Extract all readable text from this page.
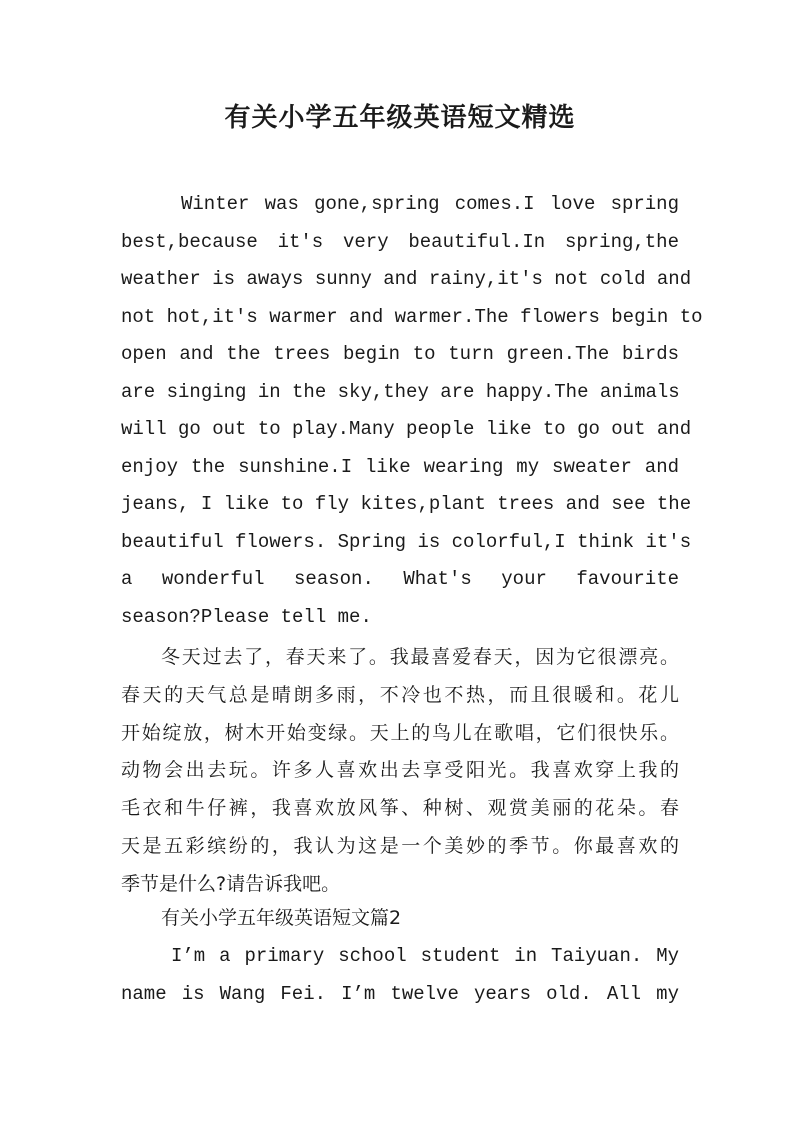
有关小学五年级英语短文精选
Winter was gone,spring comes.I love spring
best,because it's very beautiful.In spring,the
weather is aways sunny and rainy,it's not cold and
not hot,it's warmer and warmer.The flowers begin to
open and the trees begin to turn green.The birds
are singing in the sky,they are happy.The animals
will go out to play.Many people like to go out and
enjoy the sunshine.I like wearing my sweater and
jeans, I like to fly kites,plant trees and see the
beautiful flowers. Spring is colorful,I think it's
a wonderful season. What's your favourite
season?Please tell me.
冬天过去了，春天来了。我最喜爱春天，因为它很漂亮。
春天的天气总是晴朗多雨，不冷也不热，而且很暖和。花儿
开始绽放，树木开始变绿。天上的鸟儿在歌唱，它们很快乐。
动物会出去玩。许多人喜欢出去享受阳光。我喜欢穿上我的
毛衣和牛仔裤，我喜欢放风筝、种树、观赏美丽的花朵。春
天是五彩缤纷的，我认为这是一个美妙的季节。你最喜欢的
季节是什么?请告诉我吧。
有关小学五年级英语短文篇2
I’m a primary school student in Taiyuan. My
name is Wang Fei. I’m twelve years old. All my
